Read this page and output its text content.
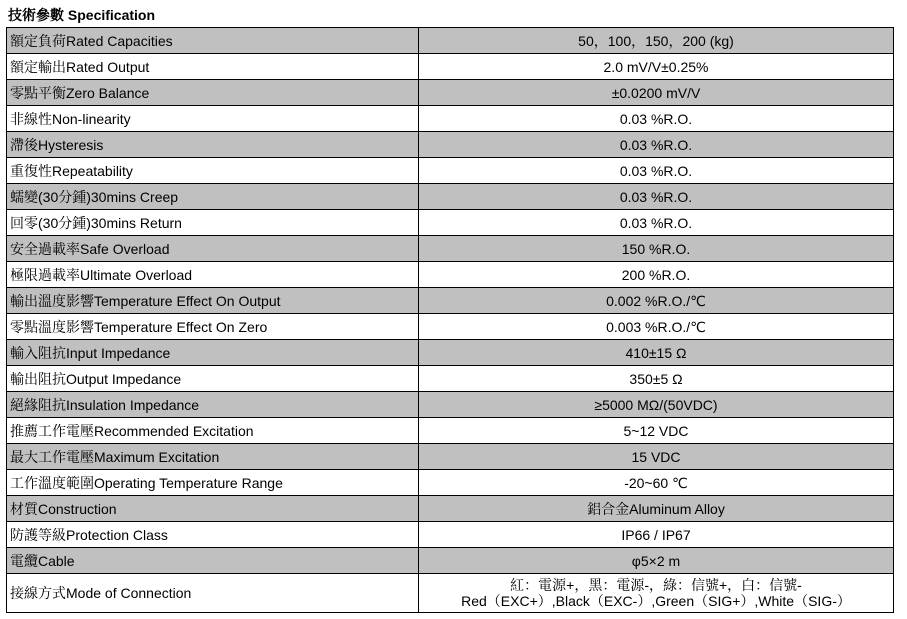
技術參數 Specification
額定負荷Rated Capacities	50，100，150，200 (kg)
額定輸出Rated Output	2.0 mV/V±0.25%
零點平衡Zero Balance	±0.0200 mV/V
非線性Non-linearity	0.03 %R.O.
滯後Hysteresis	0.03 %R.O.
重復性Repeatability	0.03 %R.O.
蠕變(30分鍾)30mins Creep	0.03 %R.O.
回零(30分鍾)30mins Return	0.03 %R.O.
安全過載率Safe Overload	150 %R.O.
極限過載率Ultimate Overload	200 %R.O.
輸出溫度影響Temperature Effect On Output	0.002 %R.O./℃
零點溫度影響Temperature Effect On Zero	0.003 %R.O./℃
輸入阻抗Input Impedance	410±15 Ω
輸出阻抗Output Impedance	350±5 Ω
絕緣阻抗Insulation Impedance	≥5000 MΩ/(50VDC)
推薦工作電壓Recommended Excitation	5~12 VDC
最大工作電壓Maximum Excitation	15 VDC
工作溫度範圍Operating Temperature Range	-20~60 ℃
材質Construction	鋁合金Aluminum Alloy
防護等級Protection Class	IP66 / IP67
電纜Cable	φ5×2 m
接線方式Mode of Connection	紅：電源+，黑：電源-，綠：信號+，白：信號-
Red（EXC+）,Black（EXC-）,Green（SIG+）,White（SIG-）
